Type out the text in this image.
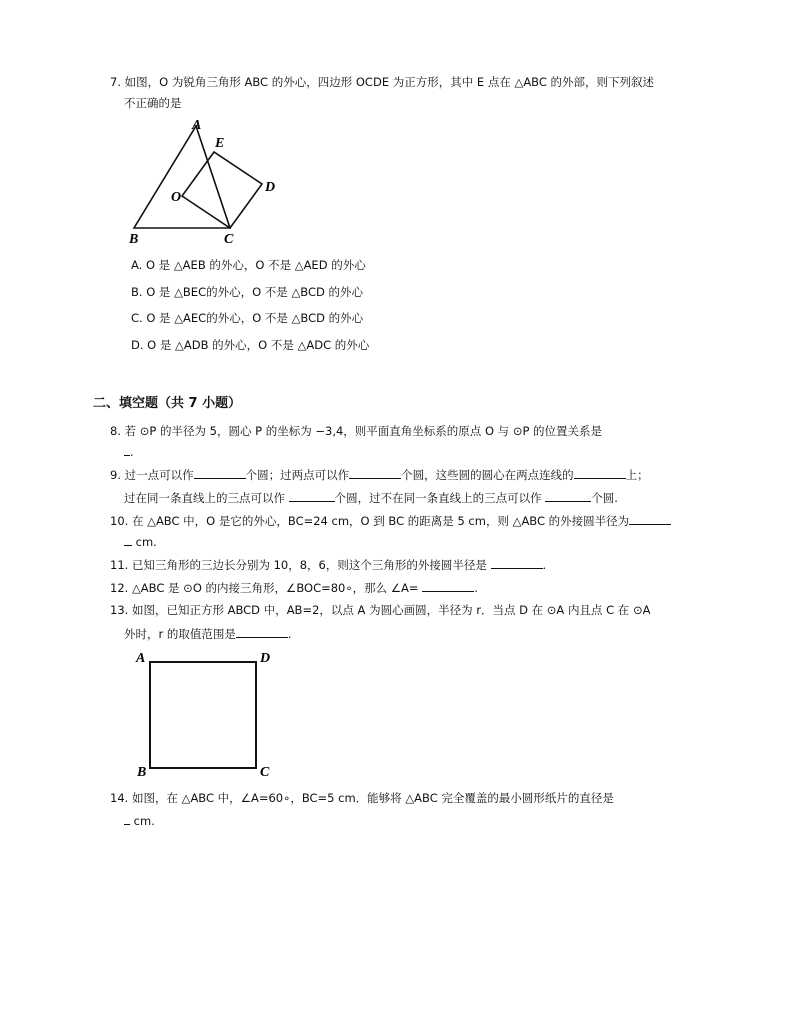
7. 如图，O 为锐角三角形 ABC 的外心，四边形 OCDE 为正方形，其中 E 点在 △ABC 的外部，则下列叙述
不正确的是
A
E
O
D
B	C
A. O 是 △AEB 的外心，O 不是 △AED 的外心
B. O 是 △BEC的外心，O 不是 △BCD 的外心
C. O 是 △AEC的外心，O 不是 △BCD 的外心
D. O 是 △ADB 的外心，O 不是 △ADC 的外心
二、填空题（共 7 小题）
8. 若 ⊙P 的半径为 5，圆心 P 的坐标为 −3,4，则平面直角坐标系的原点 O 与 ⊙P 的位置关系是
.
9. 过一点可以作	个圆；过两点可以作	个圆，这些圆的圆心在两点连线的	上；
过在同一条直线上的三点可以作	个圆，过不在同一条直线上的三点可以作	个圆.
10. 在 △ABC 中，O 是它的外心，BC=24 cm，O 到 BC 的距离是 5 cm，则 △ABC 的外接圆半径为
cm.
11. 已知三角形的三边长分别为 10，8，6，则这个三角形的外接圆半径是	.
12. △ABC 是 ⊙O 的内接三角形，∠BOC=80∘，那么 ∠A=	.
13. 如图，已知正方形 ABCD 中，AB=2，以点 A 为圆心画圆，半径为 r．当点 D 在 ⊙A 内且点 C 在 ⊙A
外时，r 的取值范围是	.
A	D
B	C
14. 如图，在 △ABC 中，∠A=60∘，BC=5 cm．能够将 △ABC 完全覆盖的最小圆形纸片的直径是
cm.
